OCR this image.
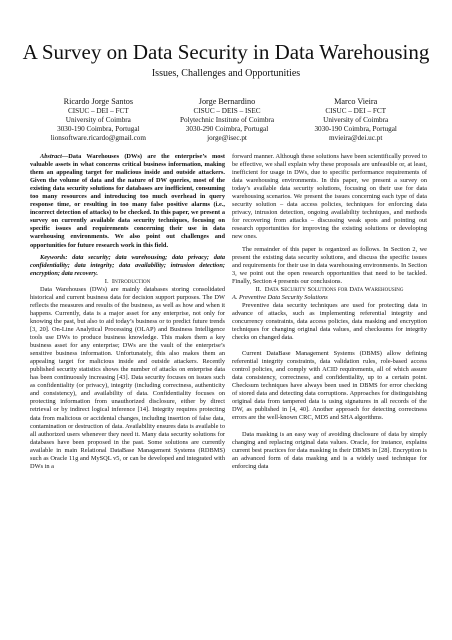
A Survey on Data Security in Data Warehousing
Issues, Challenges and Opportunities
Ricardo Jorge Santos
CISUC – DEI – FCT
University of Coimbra
3030-190 Coimbra, Portugal
lionsoftware.ricardo@gmail.com
Jorge Bernardino
CISUC – DEIS – ISEC
Polytechnic Institute of Coimbra
3030-290 Coimbra, Portugal
jorge@isec.pt
Marco Vieira
CISUC – DEI – FCT
University of Coimbra
3030-190 Coimbra, Portugal
mvieira@dei.uc.pt

Abstract—Data Warehouses (DWs) are the enterprise’s most valuable assets in what concerns critical business information, making them an appealing target for malicious inside and outside attackers. Given the volume of data and the nature of DW queries, most of the existing data security solutions for databases are inefficient, consuming too many resources and introducing too much overhead in query response time, or resulting in too many false positive alarms (i.e., incorrect detection of attacks) to be checked. In this paper, we present a survey on currently available data security techniques, focusing on specific issues and requirements concerning their use in data warehousing environments. We also point out challenges and opportunities for future research work in this field.

Keywords: data security; data warehousing; data privacy; data confidentiality; data integrity; data availability; intrusion detection; encryption; data recovery.

I. Introduction

Data Warehouses (DWs) are mainly databases storing consolidated historical and current business data for decision support purposes. The DW reflects the measures and results of the business, as well as how and when it happens. Currently, data is a major asset for any enterprise, not only for knowing the past, but also to aid today’s business or to predict future trends [3, 20]. On-Line Analytical Processing (OLAP) and Business Intelligence tools use DWs to produce business knowledge. This makes them a key business asset for any enterprise; DWs are the vault of the enterprise’s sensitive business information. Unfortunately, this also makes them an appealing target for malicious inside and outside attackers. Recently published security statistics shows the number of attacks on enterprise data has been continuously increasing [43]. Data security focuses on issues such as confidentiality (or privacy), integrity (including correctness, authenticity and consistency), and availability of data. Confidentiality focuses on protecting information from unauthorized disclosure, either by direct retrieval or by indirect logical inference [14]. Integrity requires protecting data from malicious or accidental changes, including insertion of false data, contamination or destruction of data. Availability ensures data is available to all authorized users whenever they need it. Many data security solutions for databases have been proposed in the past. Some solutions are currently available in main Relational DataBase Management Systems (RDBMS) such as Oracle 11g and MySQL v5, or can be developed and integrated with DWs in a

forward manner. Although these solutions have been scientifically proved to be effective, we shall explain why these proposals are unfeasible or, at least, inefficient for usage in DWs, due to specific performance requirements of data warehousing environments. In this paper, we present a survey on today’s available data security solutions, focusing on their use for data warehousing scenarios. We present the issues concerning each type of data security solution – data access policies, techniques for enforcing data privacy, intrusion detection, ongoing availability techniques, and methods for recovering from attacks – discussing weak spots and pointing out research opportunities for improving the existing solutions or developing new ones.

The remainder of this paper is organized as follows. In Section 2, we present the existing data security solutions, and discuss the specific issues and requirements for their use in data warehousing environments. In Section 3, we point out the open research opportunities that need to be tackled. Finally, Section 4 presents our conclusions.

II. Data Security Solutions for Data Warehousing

A. Preventive Data Security Solutions

Preventive data security techniques are used for protecting data in advance of attacks, such as implementing referential integrity and concurrency constraints, data access policies, data masking and encryption techniques for changing original data values, and checksums for integrity checks on changed data.

Current DataBase Management Systems (DBMS) allow defining referential integrity constraints, data validation rules, role-based access control policies, and comply with ACID requirements, all of which assure data consistency, correctness, and confidentiality, up to a certain point. Checksum techniques have always been used in DBMS for error checking of stored data and detecting data corruptions. Approaches for distinguishing original data from tampered data is using signatures in all records of the DW, as published in [4, 40]. Another approach for detecting correctness errors are the well-known CRC, MD5 and SHA algorithms.

Data masking is an easy way of avoiding disclosure of data by simply changing and replacing original data values. Oracle, for instance, explains current best practices for data masking in their DBMS in [28]. Encryption is an advanced form of data masking and is a widely used technique for enforcing data
